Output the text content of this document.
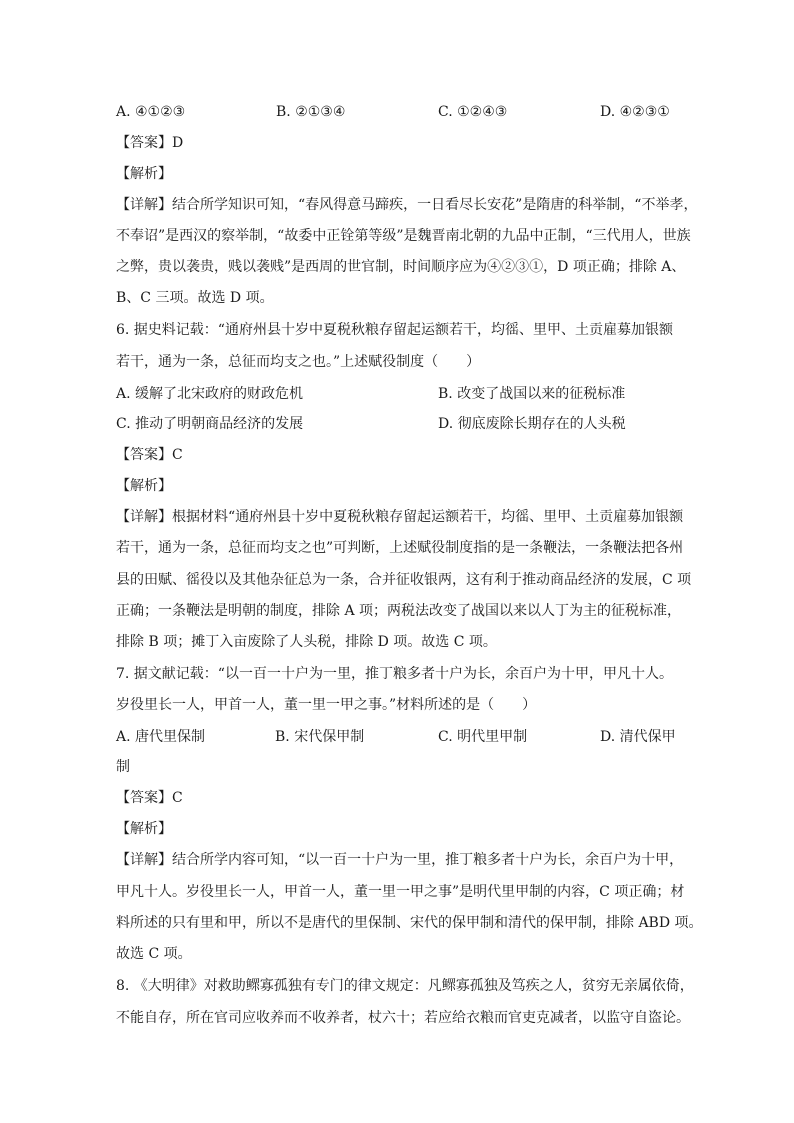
A. ④①②③	B. ②①③④	C. ①②④③	D. ④②③①
【答案】D
【解析】
【详解】结合所学知识可知，“春风得意马蹄疾，一日看尽长安花”是隋唐的科举制，“不举孝，
不奉诏”是西汉的察举制，“故委中正铨第等级”是魏晋南北朝的九品中正制，“三代用人，世族
之弊，贵以袭贵，贱以袭贱”是西周的世官制，时间顺序应为④②③①，D 项正确；排除 A、
B、C 三项。故选 D 项。
6. 据史料记载：“通府州县十岁中夏税秋粮存留起运额若干，均徭、里甲、土贡雇募加银额
若干，通为一条，总征而均支之也。”上述赋役制度（　　）
A. 缓解了北宋政府的财政危机	B. 改变了战国以来的征税标准
C. 推动了明朝商品经济的发展	D. 彻底废除长期存在的人头税
【答案】C
【解析】
【详解】根据材料“通府州县十岁中夏税秋粮存留起运额若干，均徭、里甲、土贡雇募加银额
若干，通为一条，总征而均支之也”可判断，上述赋役制度指的是一条鞭法，一条鞭法把各州
县的田赋、徭役以及其他杂征总为一条，合并征收银两，这有利于推动商品经济的发展，C 项
正确；一条鞭法是明朝的制度，排除 A 项；两税法改变了战国以来以人丁为主的征税标准，
排除 B 项；摊丁入亩废除了人头税，排除 D 项。故选 C 项。
7. 据文献记载：“以一百一十户为一里，推丁粮多者十户为长，余百户为十甲，甲凡十人。
岁役里长一人，甲首一人，董一里一甲之事。”材料所述的是（　　）
A. 唐代里保制	B. 宋代保甲制	C. 明代里甲制	D. 清代保甲
制
【答案】C
【解析】
【详解】结合所学内容可知，“以一百一十户为一里，推丁粮多者十户为长，余百户为十甲，
甲凡十人。岁役里长一人，甲首一人，董一里一甲之事”是明代里甲制的内容，C 项正确；材
料所述的只有里和甲，所以不是唐代的里保制、宋代的保甲制和清代的保甲制，排除 ABD 项。
故选 C 项。
8. 《大明律》对救助鳏寡孤独有专门的律文规定：凡鳏寡孤独及笃疾之人，贫穷无亲属依倚，
不能自存，所在官司应收养而不收养者，杖六十；若应给衣粮而官吏克减者，以监守自盗论。
